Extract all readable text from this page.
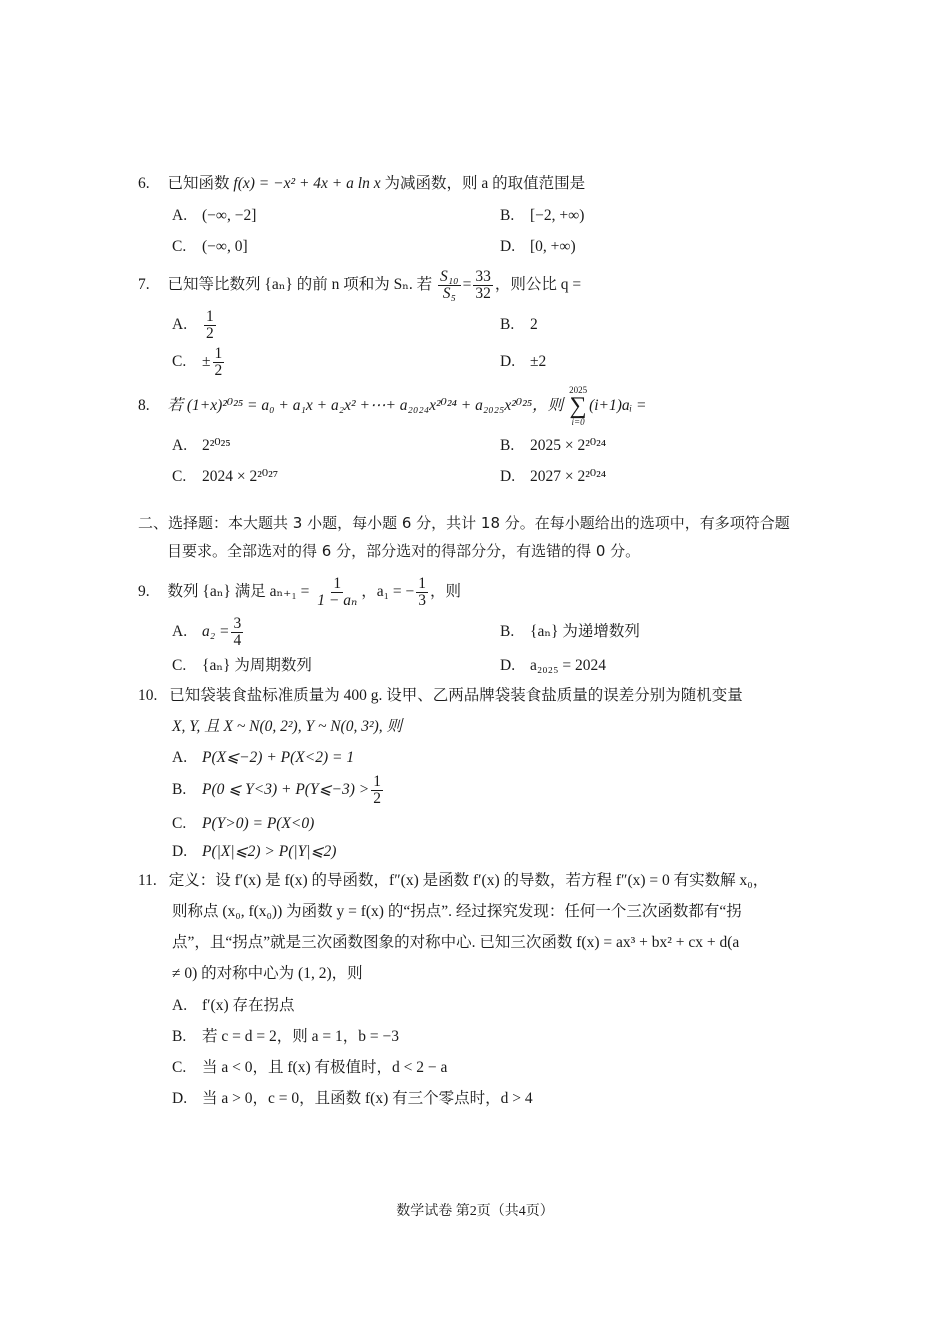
6. 已知函数 f(x) = −x² + 4x + a ln x 为减函数，则 a 的取值范围是
A. (−∞, −2]	B. [−2, +∞)
C. (−∞, 0]	D. [0, +∞)
7. 已知等比数列 {aₙ} 的前 n 项和为 Sₙ. 若 $\frac{\text{S₁₀}}{\text{S₅}} = \frac{33}{32}$ ，则公比 q =
A. $\frac{1}{2}$	B. 2
C. ± $\frac{1}{2}$	D. ±2
8. 若 (1+x)²⁰²⁵ = a₀ + a₁x + a₂x² +⋯+ a₂₀₂₄x²⁰²⁴ + a₂₀₂₅x²⁰²⁵，则
2025
∑
i=0
(i+1)aᵢ =
A. 2²⁰²⁵	B. 2025 × 2²⁰²⁴
C. 2024 × 2²⁰²⁷	D. 2027 × 2²⁰²⁴
二、选择题：本大题共 3 小题，每小题 6 分，共计 18 分。在每小题给出的选项中，有多项符合题
目要求。全部选对的得 6 分，部分选对的得部分分，有选错的得 0 分。
9. 数列 {aₙ} 满足 $a_{n+1} = \frac{1}{\text{1 − aₙ}}$ ，a₁ = − $\frac{1}{3}$ ，则
A. $a_2 = \frac{3}{4}$	B. {aₙ} 为递增数列
C. {aₙ} 为周期数列	D. a₂₀₂₅ = 2024
10. 已知袋装食盐标准质量为 400 g. 设甲、乙两品牌袋装食盐质量的误差分别为随机变量
X, Y, 且 X ~ N(0, 2²), Y ~ N(0, 3²), 则
A. P(X⩽−2) + P(X<2) = 1
B. P(0 ⩽ Y<3) + P(Y⩽−3) > $\frac{1}{2}$
C. P(Y>0) = P(X<0)
D. P(|X|⩽2) > P(|Y|⩽2)
11. 定义：设 f′(x) 是 f(x) 的导函数，f″(x) 是函数 f′(x) 的导数，若方程 f″(x) = 0 有实数解 x₀，
则称点 (x₀, f(x₀)) 为函数 y = f(x) 的“拐点”. 经过探究发现：任何一个三次函数都有“拐
点”，且“拐点”就是三次函数图象的对称中心. 已知三次函数 f(x) = ax³ + bx² + cx + d(a
≠ 0) 的对称中心为 (1, 2)，则
A. f′(x) 存在拐点
B. 若 c = d = 2，则 a = 1，b = −3
C. 当 a < 0，且 f(x) 有极值时，d < 2 − a
D. 当 a > 0，c = 0，且函数 f(x) 有三个零点时，d > 4
数学试卷 第2页（共4页）
